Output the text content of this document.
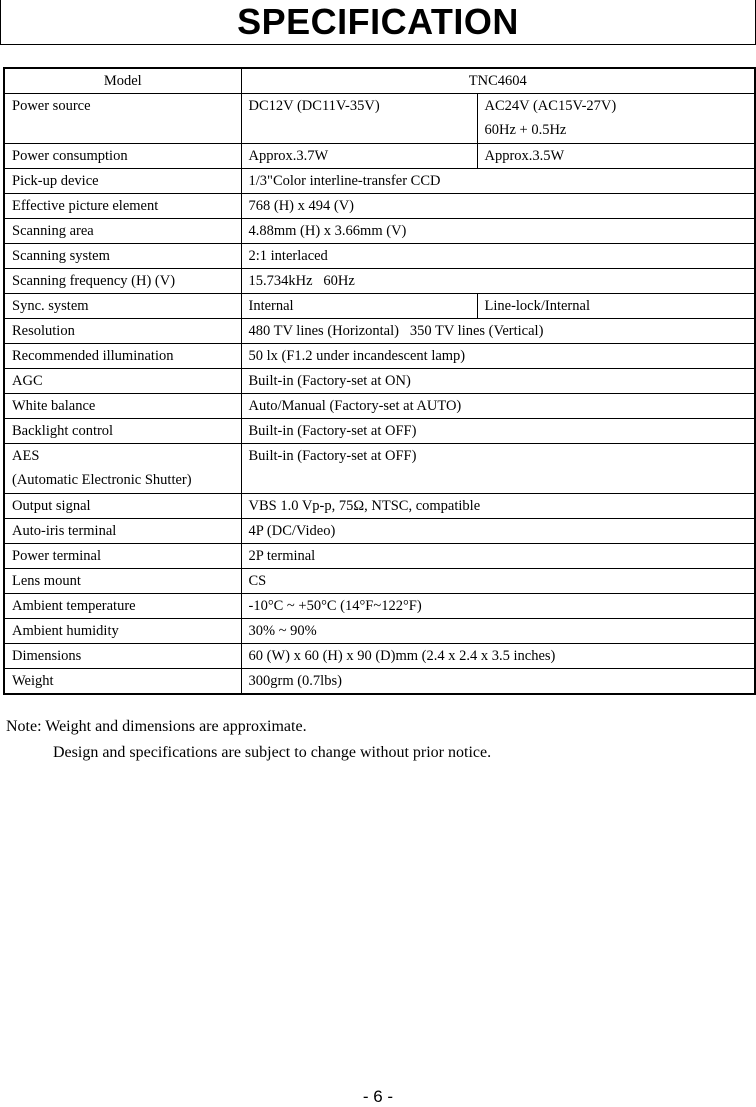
SPECIFICATION
Model	TNC4604	
Power source	DC12V (DC11V-35V)	AC24V (AC15V-27V)
60Hz + 0.5Hz

Power consumption	Approx.3.7W	Approx.3.5W
Pick-up device	1/3"Color interline-transfer CCD	
Effective picture element	768 (H) x 494 (V)	
Scanning area	4.88mm (H) x 3.66mm (V)	
Scanning system	2:1 interlaced	
Scanning frequency (H) (V)	15.734kHz   60Hz	
Sync. system	Internal	Line-lock/Internal
Resolution	480 TV lines (Horizontal)   350 TV lines (Vertical)	
Recommended illumination	50 lx (F1.2 under incandescent lamp)	
AGC	Built-in (Factory-set at ON)	
White balance	Auto/Manual (Factory-set at AUTO)	
Backlight control	Built-in (Factory-set at OFF)	

AES
(Automatic Electronic Shutter)	Built-in (Factory-set at OFF)	
Output signal	VBS 1.0 Vp-p, 75Ω, NTSC, compatible	
Auto-iris terminal	4P (DC/Video)	
Power terminal	2P terminal	
Lens mount	CS	
Ambient temperature	-10°C ~ +50°C (14°F~122°F)	
Ambient humidity	30% ~ 90%	
Dimensions	60 (W) x 60 (H) x 90 (D)mm (2.4 x 2.4 x 3.5 inches)	
Weight	300grm (0.7lbs)	
Note: Weight and dimensions are approximate.
Design and specifications are subject to change without prior notice.
- 6 -
